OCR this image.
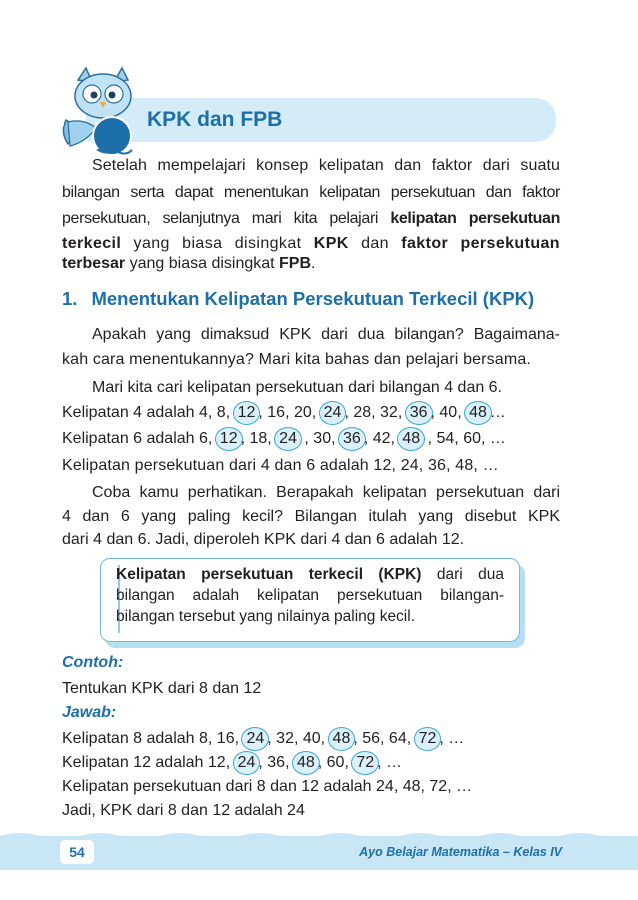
D.	KPK dan FPB
Setelah mempelajari konsep kelipatan dan faktor dari suatu
bilangan serta dapat menentukan kelipatan persekutuan dan faktor
persekutuan, selanjutnya mari kita pelajari kelipatan persekutuan
terkecil yang biasa disingkat KPK dan faktor persekutuan
terbesar yang biasa disingkat FPB.
1. Menentukan Kelipatan Persekutuan Terkecil (KPK)
Apakah yang dimaksud KPK dari dua bilangan? Bagaimana-
kah cara menentukannya? Mari kita bahas dan pelajari bersama.
Mari kita cari kelipatan persekutuan dari bilangan 4 dan 6.
Kelipatan 4 adalah 4, 8, 12 , 16, 20, 24 , 28, 32, 36 , 40, 48 …
Kelipatan 6 adalah 6, 12 , 18, 24 , 30, 36 , 42, 48 , 54, 60, …
Kelipatan persekutuan dari 4 dan 6 adalah 12, 24, 36, 48, …
Coba kamu perhatikan. Berapakah kelipatan persekutuan dari
4 dan 6 yang paling kecil? Bilangan itulah yang disebut KPK
dari 4 dan 6. Jadi, diperoleh KPK dari 4 dan 6 adalah 12.
Kelipatan persekutuan terkecil (KPK) dari dua
bilangan adalah kelipatan persekutuan bilangan-
bilangan tersebut yang nilainya paling kecil.
Contoh:
Tentukan KPK dari 8 dan 12
Jawab:
Kelipatan 8 adalah 8, 16, 24 , 32, 40, 48 , 56, 64, 72 , …
Kelipatan 12 adalah 12, 24 , 36, 48 , 60, 72 , …
Kelipatan persekutuan dari 8 dan 12 adalah 24, 48, 72, …
Jadi, KPK dari 8 dan 12 adalah 24
54	Ayo Belajar Matematika – Kelas IV
